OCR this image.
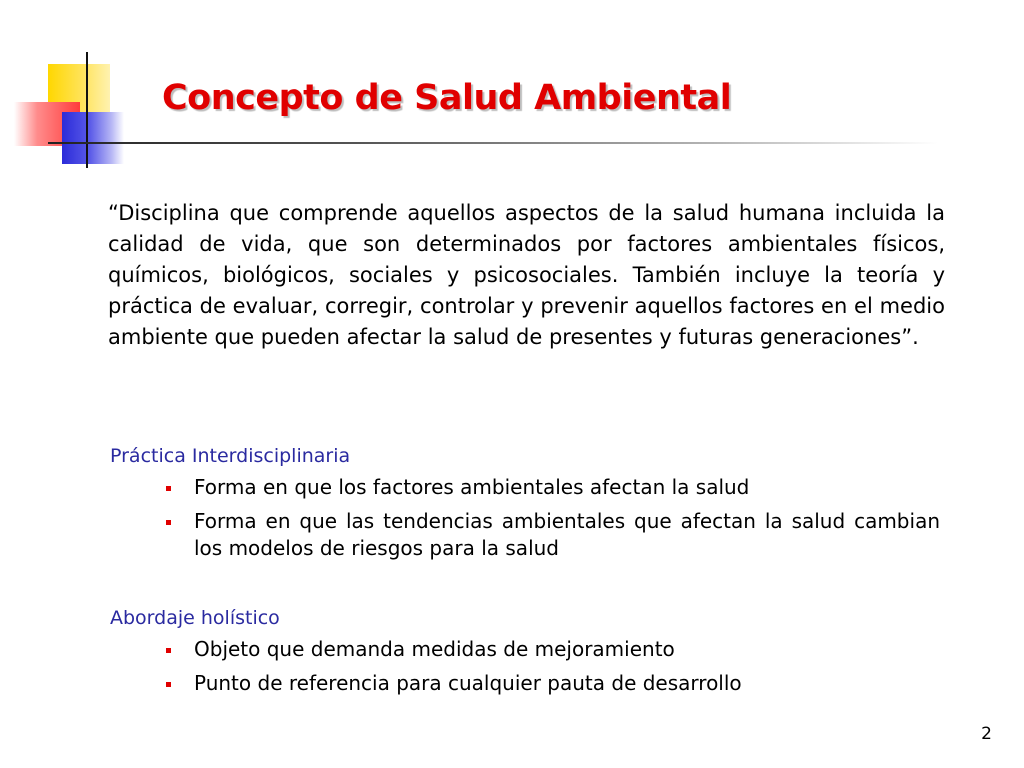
Concepto de Salud Ambiental

“Disciplina que comprende aquellos aspectos de la salud humana incluida la calidad de vida, que son determinados por factores ambientales físicos, químicos, biológicos, sociales y psicosociales. También incluye la teoría y práctica de evaluar, corregir, controlar y prevenir aquellos factores en el medio ambiente que pueden afectar la salud de presentes y futuras generaciones”.

Práctica Interdisciplinaria

Forma en que los factores ambientales afectan la salud
Forma en que las tendencias ambientales que afectan la salud cambian los modelos de riesgos para la salud

Abordaje holístico

Objeto que demanda medidas de mejoramiento
Punto de referencia para cualquier pauta de desarrollo
2
